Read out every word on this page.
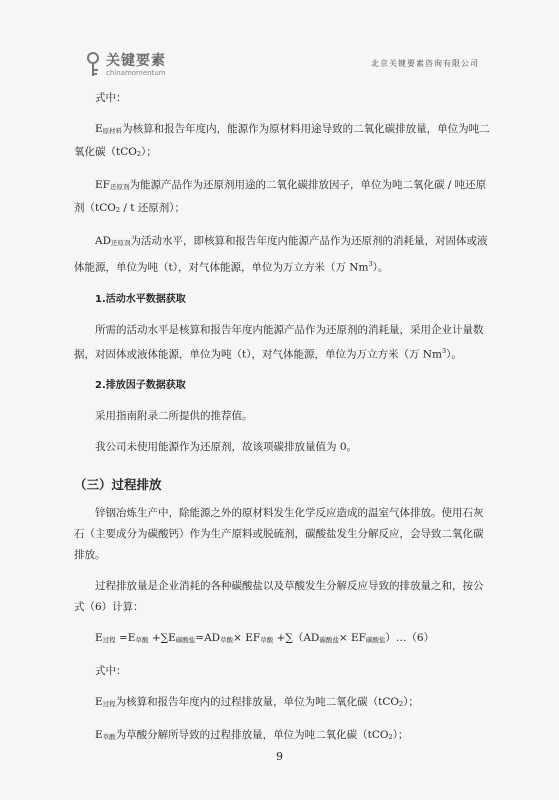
关键要素
chinamomentum
北京关键要素咨询有限公司

式中：

$E_{原材料}$为核算和报告年度内，能源作为原材料用途导致的二氧化碳排放量，单位为吨二氧化碳（tCO$_2$）；

$EF_{还原剂}$为能源产品作为还原剂用途的二氧化碳排放因子，单位为吨二氧化碳 / 吨还原剂（tCO$_2$ / t 还原剂）；

$AD_{还原剂}$为活动水平，即核算和报告年度内能源产品作为还原剂的消耗量，对固体或液体能源，单位为吨（t），对气体能源，单位为万立方米（万 Nm$^3$）。

1.活动水平数据获取

所需的活动水平是核算和报告年度内能源产品作为还原剂的消耗量，采用企业计量数据，对固体或液体能源，单位为吨（t），对气体能源，单位为万立方米（万 Nm$^3$）。

2.排放因子数据获取

采用指南附录二所提供的推荐值。

我公司未使用能源作为还原剂，故该项碳排放量值为 0。

（三）过程排放

锌铟冶炼生产中，除能源之外的原材料发生化学反应造成的温室气体排放。使用石灰石（主要成分为碳酸钙）作为生产原料或脱硫剂，碳酸盐发生分解反应，会导致二氧化碳排放。

过程排放量是企业消耗的各种碳酸盐以及草酸发生分解反应导致的排放量之和，按公式（6）计算：

$E_{过程} =E_{草酸} +\sum E_{碳酸盐}=AD_{草酸}\times EF_{草酸} +\sum(AD_{碳酸盐}\times$ $EF_{碳酸盐})\dots(6)$

式中：

$E_{过程}$为核算和报告年度内的过程排放量，单位为吨二氧化碳（tCO$_2$）；

$E_{草酸}$为草酸分解所导致的过程排放量，单位为吨二氧化碳（tCO$_2$）；

9
